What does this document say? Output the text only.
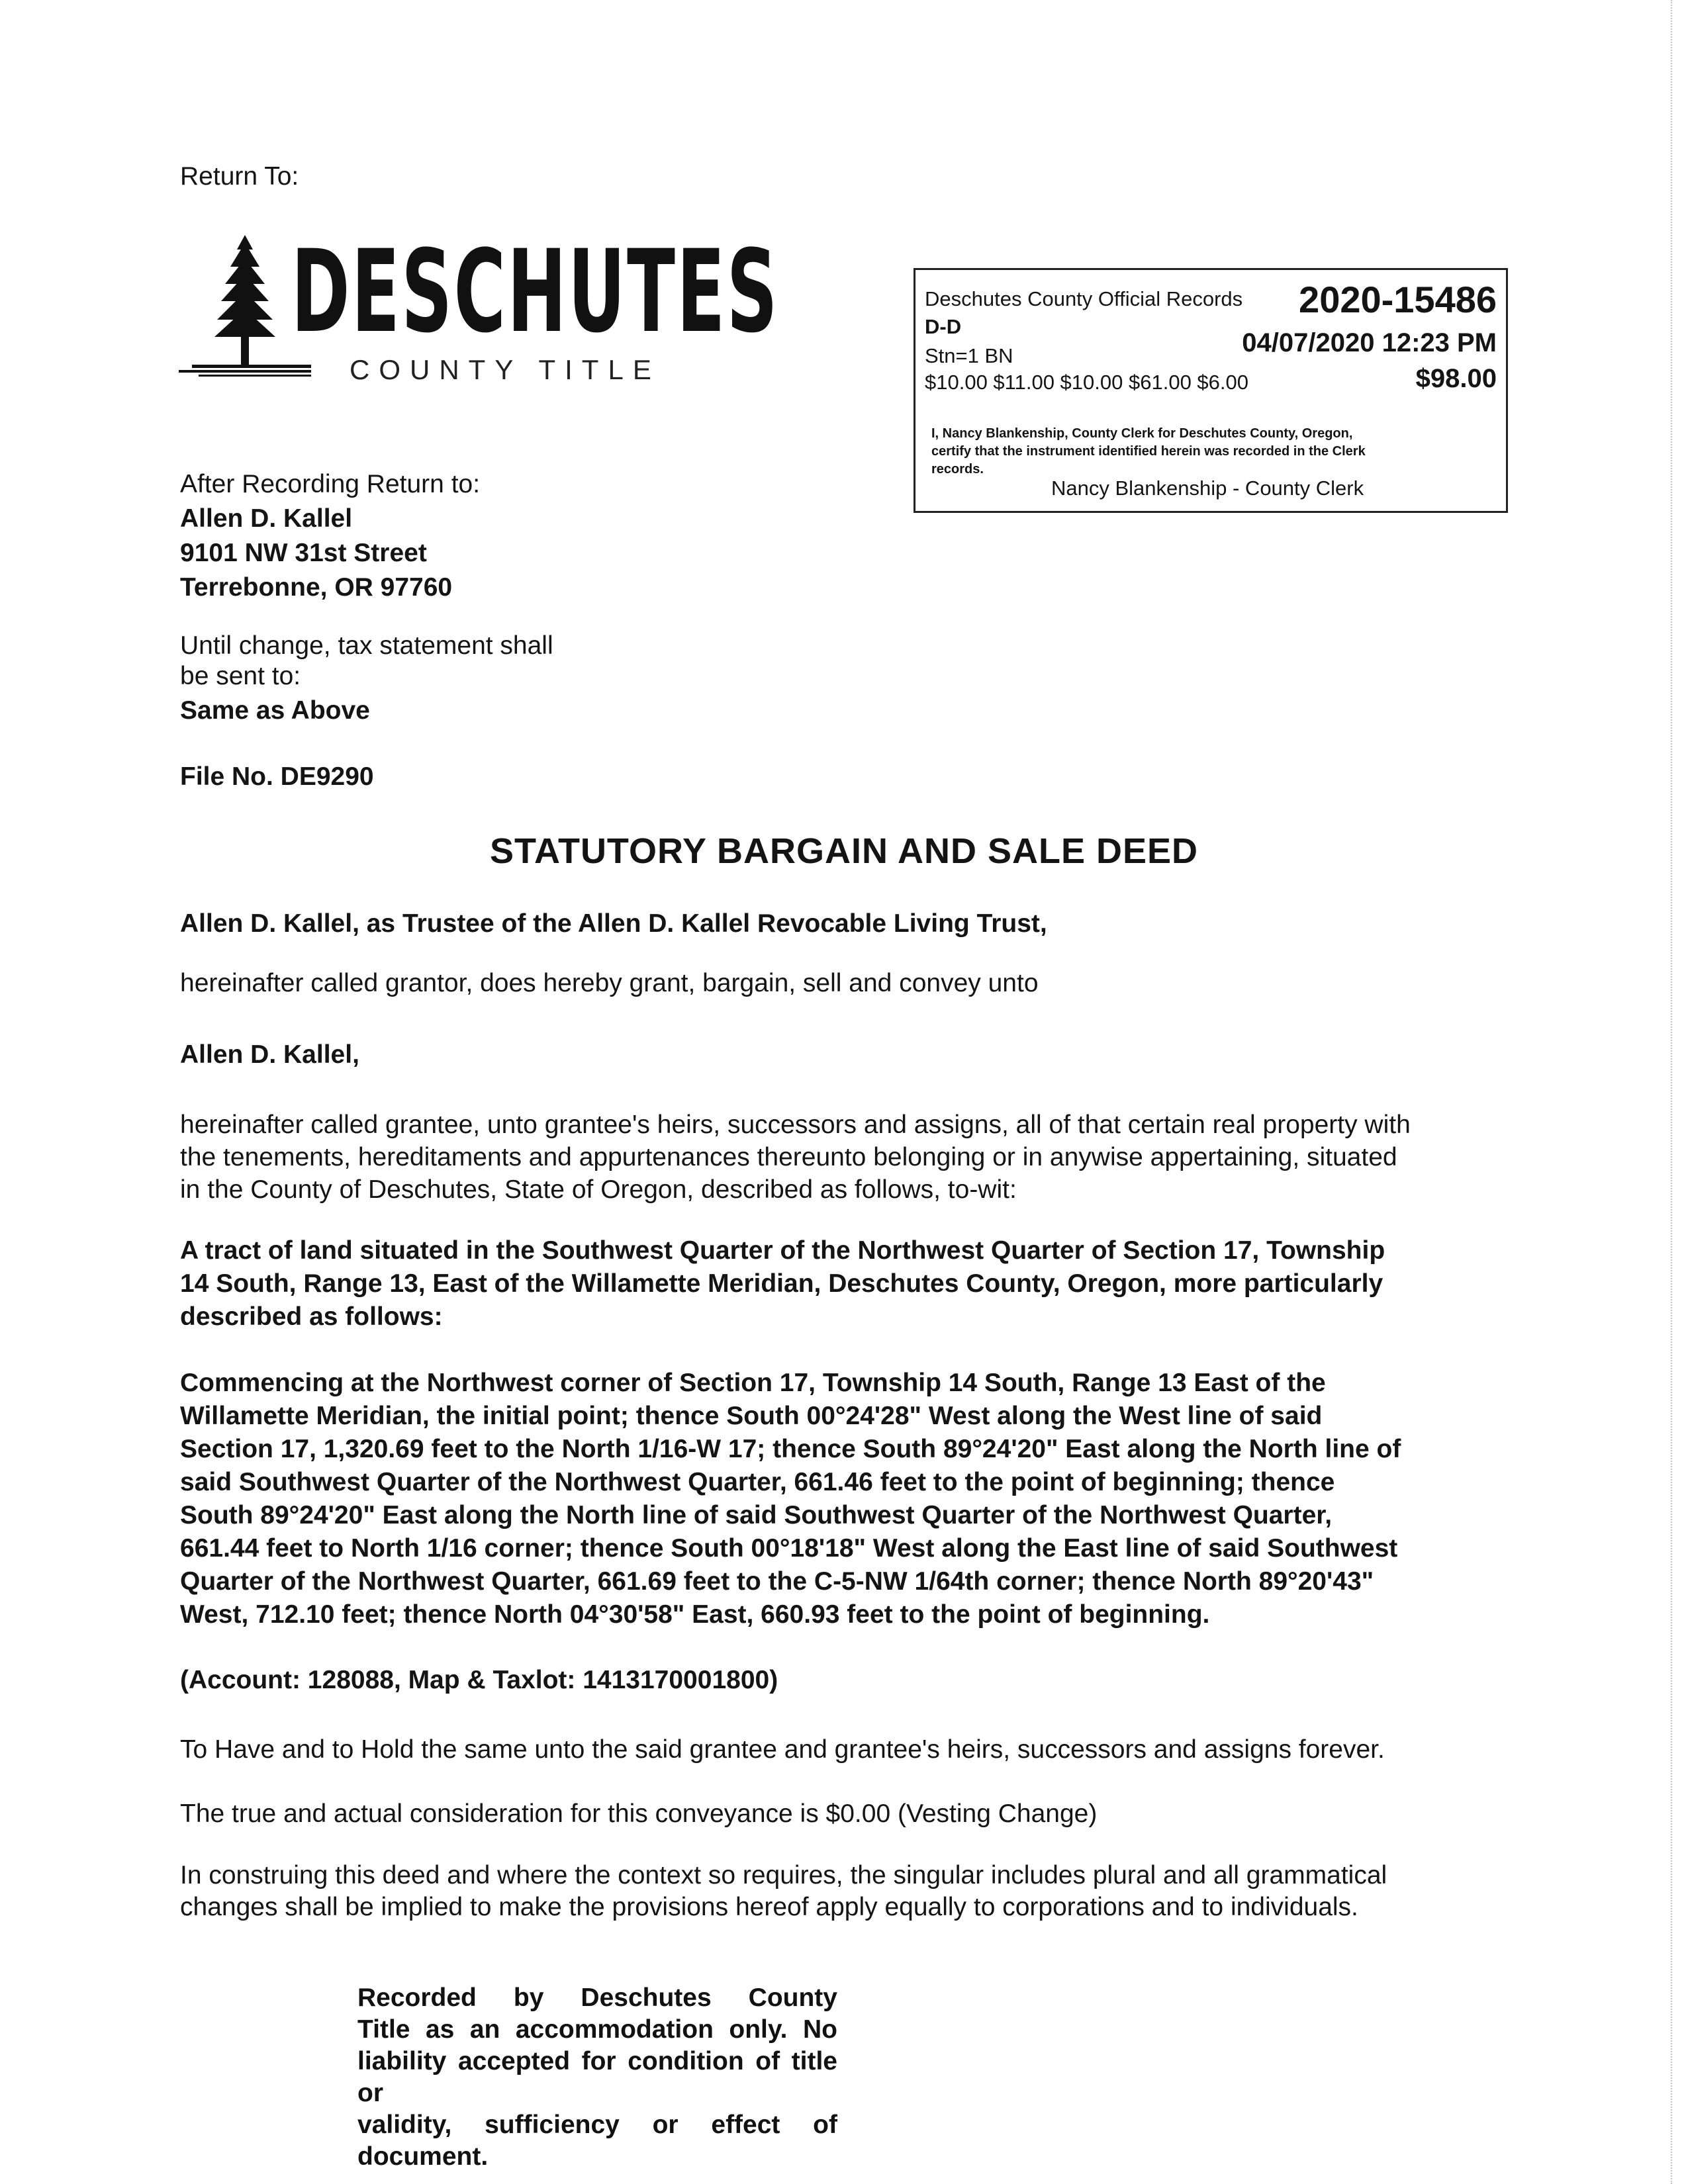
Return To:
DESCHUTES
COUNTY TITLE
Deschutes County Official Records 2020-15486
D-D
Stn=1 BN	04/07/2020 12:23 PM
$10.00 $11.00 $10.00 $61.00 $6.00	$98.00
I, Nancy Blankenship, County Clerk for Deschutes County, Oregon,
certify that the instrument identified herein was recorded in the Clerk
records.
Nancy Blankenship - County Clerk
After Recording Return to:
Allen D. Kallel
9101 NW 31st Street
Terrebonne, OR 97760
Until change, tax statement shall
be sent to:
Same as Above
File No. DE9290
STATUTORY BARGAIN AND SALE DEED
Allen D. Kallel, as Trustee of the Allen D. Kallel Revocable Living Trust,
hereinafter called grantor, does hereby grant, bargain, sell and convey unto
Allen D. Kallel,
hereinafter called grantee, unto grantee's heirs, successors and assigns, all of that certain real property with
the tenements, hereditaments and appurtenances thereunto belonging or in anywise appertaining, situated
in the County of Deschutes, State of Oregon, described as follows, to-wit:
A tract of land situated in the Southwest Quarter of the Northwest Quarter of Section 17, Township
14 South, Range 13, East of the Willamette Meridian, Deschutes County, Oregon, more particularly
described as follows:
Commencing at the Northwest corner of Section 17, Township 14 South, Range 13 East of the
Willamette Meridian, the initial point; thence South 00°24'28" West along the West line of said
Section 17, 1,320.69 feet to the North 1/16-W 17; thence South 89°24'20" East along the North line of
said Southwest Quarter of the Northwest Quarter, 661.46 feet to the point of beginning; thence
South 89°24'20" East along the North line of said Southwest Quarter of the Northwest Quarter,
661.44 feet to North 1/16 corner; thence South 00°18'18" West along the East line of said Southwest
Quarter of the Northwest Quarter, 661.69 feet to the C-5-NW 1/64th corner; thence North 89°20'43"
West, 712.10 feet; thence North 04°30'58" East, 660.93 feet to the point of beginning.
(Account: 128088, Map & Taxlot: 1413170001800)
To Have and to Hold the same unto the said grantee and grantee's heirs, successors and assigns forever.
The true and actual consideration for this conveyance is $0.00 (Vesting Change)
In construing this deed and where the context so requires, the singular includes plural and all grammatical
changes shall be implied to make the provisions hereof apply equally to corporations and to individuals.
Recorded by Deschutes County
Title as an accommodation only. No
liability accepted for condition of title or
validity, sufficiency or effect of document.
